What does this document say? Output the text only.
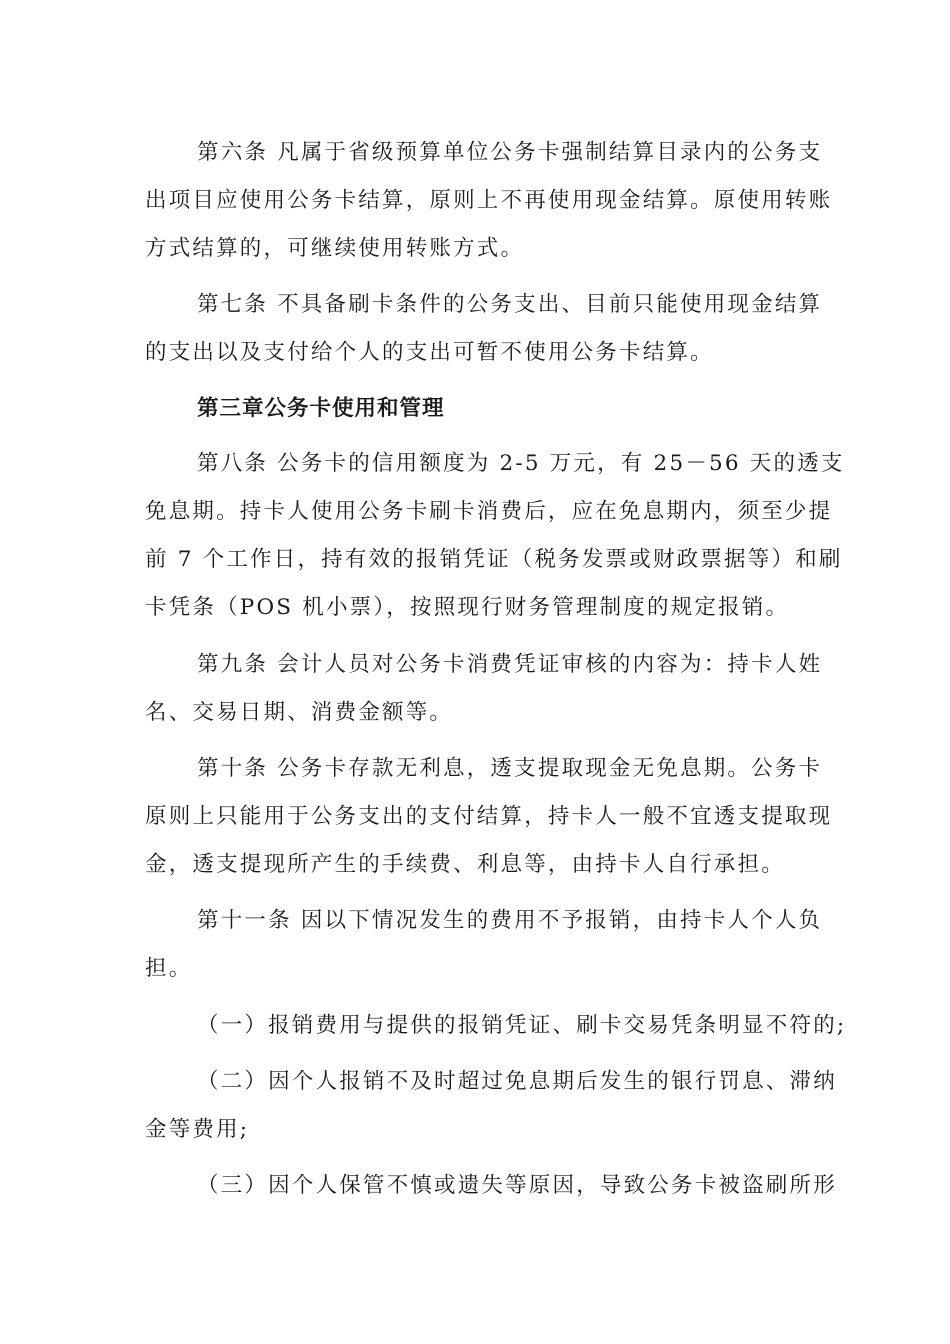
第六条 凡属于省级预算单位公务卡强制结算目录内的公务支
出项目应使用公务卡结算，原则上不再使用现金结算。原使用转账
方式结算的，可继续使用转账方式。
第七条 不具备刷卡条件的公务支出、目前只能使用现金结算
的支出以及支付给个人的支出可暂不使用公务卡结算。
第三章公务卡使用和管理
第八条 公务卡的信用额度为 2-5 万元，有 25－56 天的透支
免息期。持卡人使用公务卡刷卡消费后，应在免息期内，须至少提
前 7 个工作日，持有效的报销凭证（税务发票或财政票据等）和刷
卡凭条（POS 机小票），按照现行财务管理制度的规定报销。
第九条 会计人员对公务卡消费凭证审核的内容为：持卡人姓
名、交易日期、消费金额等。
第十条 公务卡存款无利息，透支提取现金无免息期。公务卡
原则上只能用于公务支出的支付结算，持卡人一般不宜透支提取现
金，透支提现所产生的手续费、利息等，由持卡人自行承担。
第十一条 因以下情况发生的费用不予报销，由持卡人个人负
担。
（一）报销费用与提供的报销凭证、刷卡交易凭条明显不符的;
（二）因个人报销不及时超过免息期后发生的银行罚息、滞纳
金等费用;
（三）因个人保管不慎或遗失等原因，导致公务卡被盗刷所形
